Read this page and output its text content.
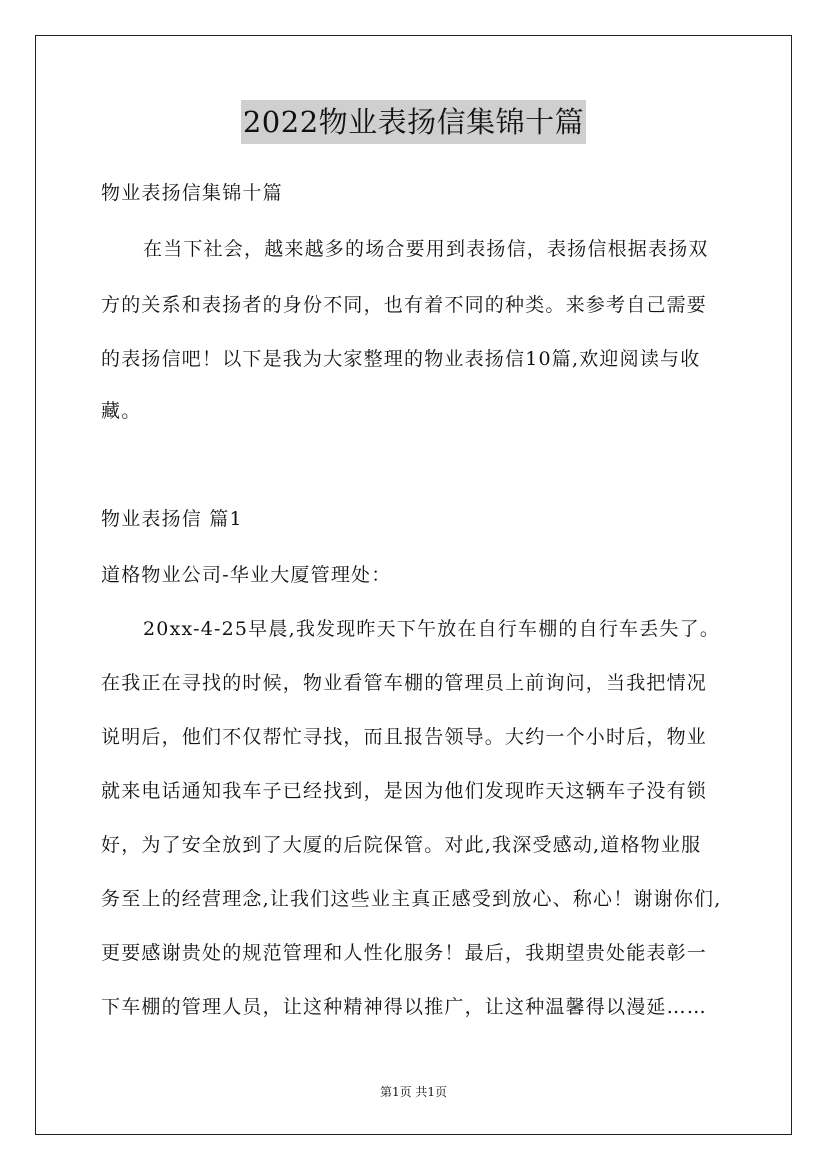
2022物业表扬信集锦十篇
物业表扬信集锦十篇
在当下社会，越来越多的场合要用到表扬信，表扬信根据表扬双
方的关系和表扬者的身份不同，也有着不同的种类。来参考自己需要
的表扬信吧！以下是我为大家整理的物业表扬信10篇,欢迎阅读与收
藏。
物业表扬信 篇1
道格物业公司-华业大厦管理处：
20xx-4-25早晨,我发现昨天下午放在自行车棚的自行车丢失了。
在我正在寻找的时候，物业看管车棚的管理员上前询问，当我把情况
说明后，他们不仅帮忙寻找，而且报告领导。大约一个小时后，物业
就来电话通知我车子已经找到，是因为他们发现昨天这辆车子没有锁
好，为了安全放到了大厦的后院保管。对此,我深受感动,道格物业服
务至上的经营理念,让我们这些业主真正感受到放心、称心！谢谢你们,
更要感谢贵处的规范管理和人性化服务！最后，我期望贵处能表彰一
下车棚的管理人员，让这种精神得以推广，让这种温馨得以漫延……
第1页 共1页
